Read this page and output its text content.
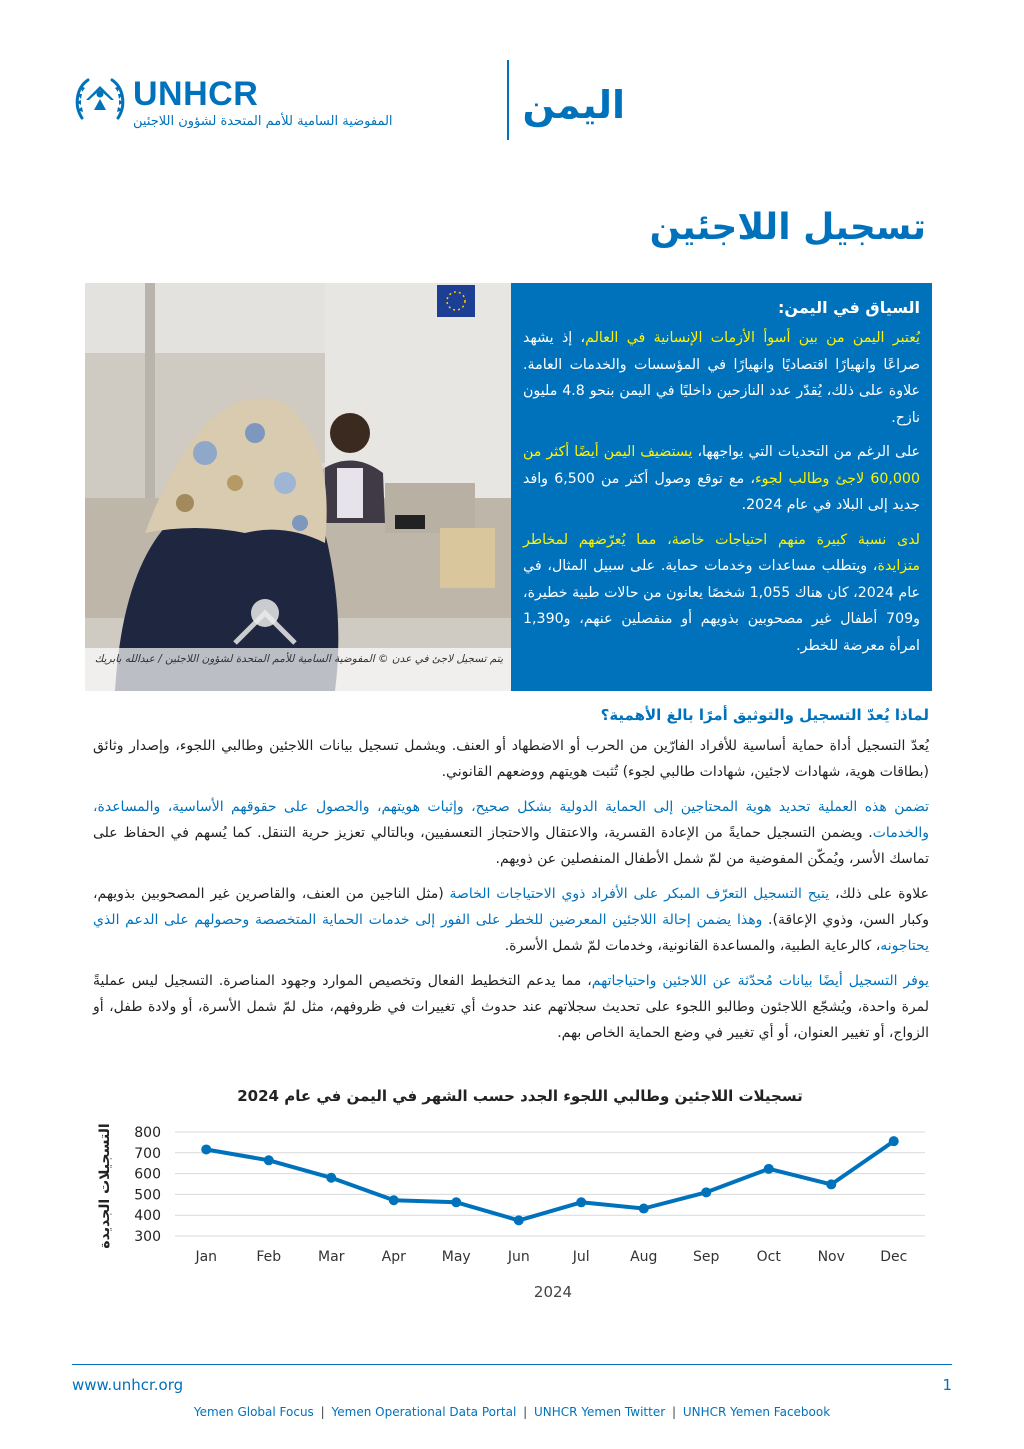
UNHCR
المفوضية السامية للأمم المتحدة لشؤون اللاجئين	اليمن
تسجيل اللاجئين
يتم تسجيل لاجئ في عدن © المفوضية السامية للأمم المتحدة لشؤون اللاجئين / عبدالله بابريك
السياق في اليمن:

يُعتبر اليمن من بين أسوأ الأزمات الإنسانية في العالم، إذ يشهد صراعًا وانهيارًا اقتصاديًا وانهيارًا في المؤسسات والخدمات العامة. علاوة على ذلك، يُقدّر عدد النازحين داخليًا في اليمن بنحو 4.8 مليون نازح.

على الرغم من التحديات التي يواجهها، يستضيف اليمن أيضًا أكثر من 60,000 لاجئ وطالب لجوء، مع توقع وصول أكثر من 6,500 وافد جديد إلى البلاد في عام 2024.

لدى نسبة كبيرة منهم احتياجات خاصة، مما يُعرّضهم لمخاطر متزايدة، ويتطلب مساعدات وخدمات حماية. على سبيل المثال، في عام 2024، كان هناك 1,055 شخصًا يعانون من حالات طبية خطيرة، و709 أطفال غير مصحوبين بذويهم أو منفصلين عنهم، و1,390 امرأة معرضة للخطر.

لماذا يُعدّ التسجيل والتوثيق أمرًا بالغ الأهمية؟

يُعدّ التسجيل أداة حماية أساسية للأفراد الفارّين من الحرب أو الاضطهاد أو العنف. ويشمل تسجيل بيانات اللاجئين وطالبي اللجوء، وإصدار وثائق (بطاقات هوية، شهادات لاجئين، شهادات طالبي لجوء) تُثبت هويتهم ووضعهم القانوني.

تضمن هذه العملية تحديد هوية المحتاجين إلى الحماية الدولية بشكل صحيح، وإثبات هويتهم، والحصول على حقوقهم الأساسية، والمساعدة، والخدمات. ويضمن التسجيل حمايةً من الإعادة القسرية، والاعتقال والاحتجاز التعسفيين، وبالتالي تعزيز حرية التنقل. كما يُسهم في الحفاظ على تماسك الأسر، ويُمكّن المفوضية من لمّ شمل الأطفال المنفصلين عن ذويهم.

علاوة على ذلك، يتيح التسجيل التعرّف المبكر على الأفراد ذوي الاحتياجات الخاصة (مثل الناجين من العنف، والقاصرين غير المصحوبين بذويهم، وكبار السن، وذوي الإعاقة). وهذا يضمن إحالة اللاجئين المعرضين للخطر على الفور إلى خدمات الحماية المتخصصة وحصولهم على الدعم الذي يحتاجونه، كالرعاية الطبية، والمساعدة القانونية، وخدمات لمّ شمل الأسرة.

يوفر التسجيل أيضًا بيانات مُحدّثة عن اللاجئين واحتياجاتهم، مما يدعم التخطيط الفعال وتخصيص الموارد وجهود المناصرة. التسجيل ليس عمليةً لمرة واحدة، ويُشجّع اللاجئون وطالبو اللجوء على تحديث سجلاتهم عند حدوث أي تغييرات في ظروفهم، مثل لمّ شمل الأسرة، أو ولادة طفل، أو الزواج، أو تغيير العنوان، أو أي تغيير في وضع الحماية الخاص بهم.

تسجيلات اللاجئين وطالبي اللجوء الجدد حسب الشهر في اليمن في عام 2024
800
700
600
500
400
300
Jan	Feb	Mar	Apr	May	Jun	Jul	Aug	Sep	Oct	Nov	Dec
التسجيلات الجديدة
2024
www.unhcr.org	1
Yemen Global Focus | Yemen Operational Data Portal | UNHCR Yemen Twitter | UNHCR Yemen Facebook
